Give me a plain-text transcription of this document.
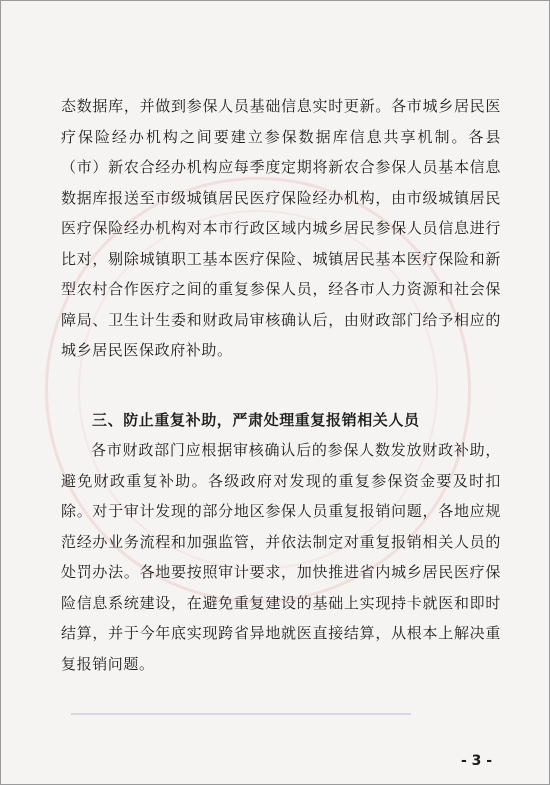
态数据库，并做到参保人员基础信息实时更新。各市城乡居民医疗保险经办机构之间要建立参保数据库信息共享机制。各县（市）新农合经办机构应每季度定期将新农合参保人员基本信息数据库报送至市级城镇居民医疗保险经办机构，由市级城镇居民医疗保险经办机构对本市行政区域内城乡居民参保人员信息进行比对，剔除城镇职工基本医疗保险、城镇居民基本医疗保险和新型农村合作医疗之间的重复参保人员，经各市人力资源和社会保障局、卫生计生委和财政局审核确认后，由财政部门给予相应的城乡居民医保政府补助。

三、防止重复补助，严肃处理重复报销相关人员

各市财政部门应根据审核确认后的参保人数发放财政补助，避免财政重复补助。各级政府对发现的重复参保资金要及时扣除。对于审计发现的部分地区参保人员重复报销问题，各地应规范经办业务流程和加强监管，并依法制定对重复报销相关人员的处罚办法。各地要按照审计要求，加快推进省内城乡居民医疗保险信息系统建设，在避免重复建设的基础上实现持卡就医和即时结算，并于今年底实现跨省异地就医直接结算，从根本上解决重复报销问题。

- 3 -
